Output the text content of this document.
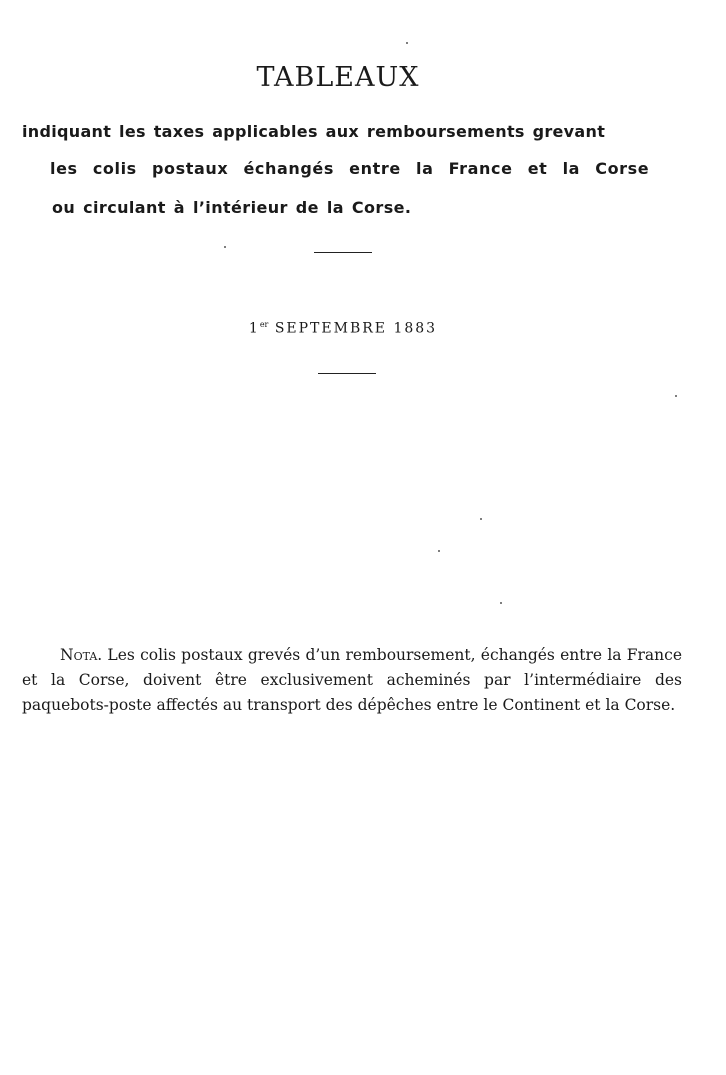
TABLEAUX

indiquant les taxes applicables aux remboursements grevant

les colis postaux échangés entre la France et la Corse

ou circulant à l’intérieur de la Corse.

1er SEPTEMBRE 1883

Nota. Les colis postaux grevés d’un remboursement, échangés entre la France et la Corse, doivent être exclusivement acheminés par l’intermédiaire des paquebots-poste affectés au transport des dépêches entre le Continent et la Corse.
